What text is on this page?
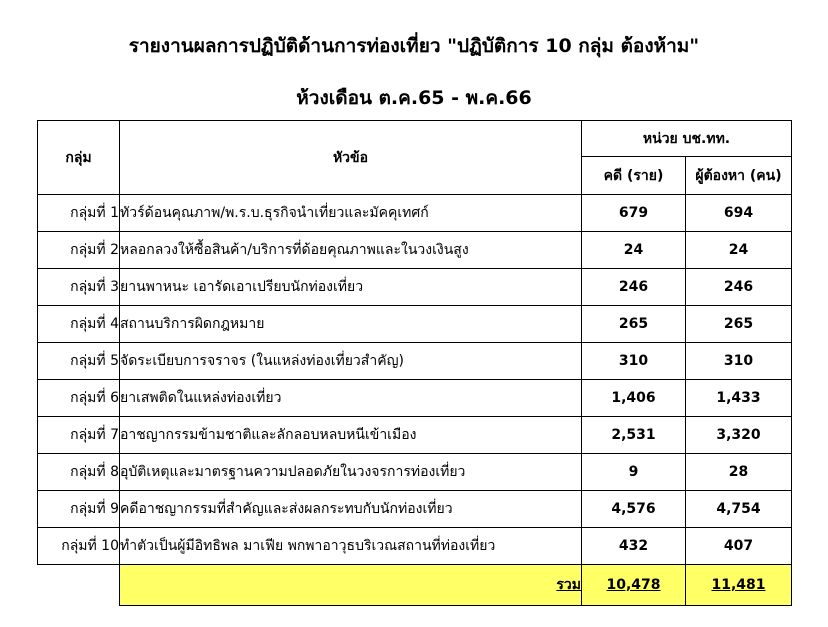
รายงานผลการปฏิบัติด้านการท่องเที่ยว "ปฏิบัติการ 10 กลุ่ม ต้องห้าม"
ห้วงเดือน ต.ค.65 - พ.ค.66
กลุ่ม	หัวข้อ	หน่วย บช.ทท.	
		คดี (ราย)	ผู้ต้องหา (คน)
กลุ่มที่ 1	ทัวร์ด้อนคุณภาพ/พ.ร.บ.ธุรกิจนำเที่ยวและมัคคุเทศก์	679	694
กลุ่มที่ 2	หลอกลวงให้ซื้อสินค้า/บริการที่ด้อยคุณภาพและในวงเงินสูง	24	24
กลุ่มที่ 3	ยานพาหนะ เอารัดเอาเปรียบนักท่องเที่ยว	246	246
กลุ่มที่ 4	สถานบริการผิดกฎหมาย	265	265
กลุ่มที่ 5	จัดระเบียบการจราจร (ในแหล่งท่องเที่ยวสำคัญ)	310	310
กลุ่มที่ 6	ยาเสพติดในแหล่งท่องเที่ยว	1,406	1,433
กลุ่มที่ 7	อาชญากรรมข้ามชาติและลักลอบหลบหนีเข้าเมือง	2,531	3,320
กลุ่มที่ 8	อุบัติเหตุและมาตรฐานความปลอดภัยในวงจรการท่องเที่ยว	9	28
กลุ่มที่ 9	คดีอาชญากรรมที่สำคัญและส่งผลกระทบกับนักท่องเที่ยว	4,576	4,754
กลุ่มที่ 10	ทำตัวเป็นผู้มีอิทธิพล มาเฟีย พกพาอาวุธบริเวณสถานที่ท่องเที่ยว	432	407
	รวม	10,478	11,481
